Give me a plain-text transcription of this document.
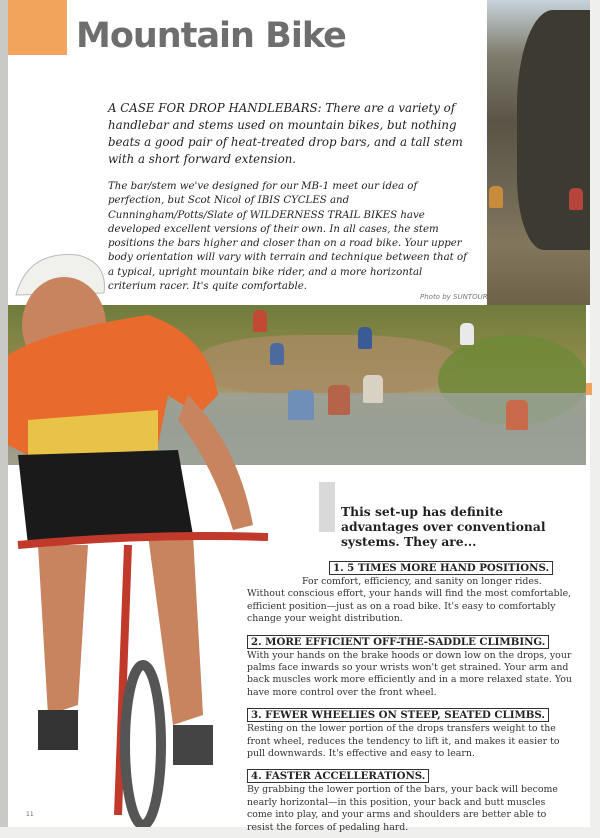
Mountain Bike

A CASE FOR DROP HANDLEBARS: There are a variety of handlebar and stems used on mountain bikes, but nothing beats a good pair of heat-treated drop bars, and a tall stem with a short forward extension.

The bar/stem we've designed for our MB-1 meet our idea of perfection, but Scot Nicol of IBIS CYCLES and Cunningham/Potts/Slate of WILDERNESS TRAIL BIKES have developed excellent versions of their own. In all cases, the stem positions the bars higher and closer than on a road bike. Your upper body orientation will vary with terrain and technique between that of a typical, upright mountain bike rider, and a more horizontal criterium racer. It's quite comfortable.

Photo by SUNTOUR
This set-up has definite advantages over conventional systems. They are...
1. 5 TIMES MORE HAND POSITIONS.
For comfort, efficiency, and sanity on longer rides. Without conscious effort, your hands will find the most comfortable, efficient position—just as on a road bike. It's easy to comfortably change your weight distribution.
2. MORE EFFICIENT OFF-THE-SADDLE CLIMBING.
With your hands on the brake hoods or down low on the drops, your palms face inwards so your wrists won't get strained. Your arm and back muscles work more efficiently and in a more relaxed state. You have more control over the front wheel.
3. FEWER WHEELIES ON STEEP, SEATED CLIMBS.
Resting on the lower portion of the drops transfers weight to the front wheel, reduces the tendency to lift it, and makes it easier to pull downwards. It's effective and easy to learn.
4. FASTER ACCELLERATIONS.
By grabbing the lower portion of the bars, your back will become nearly horizontal—in this position, your back and butt muscles come into play, and your arms and shoulders are better able to resist the forces of pedaling hard.
11
